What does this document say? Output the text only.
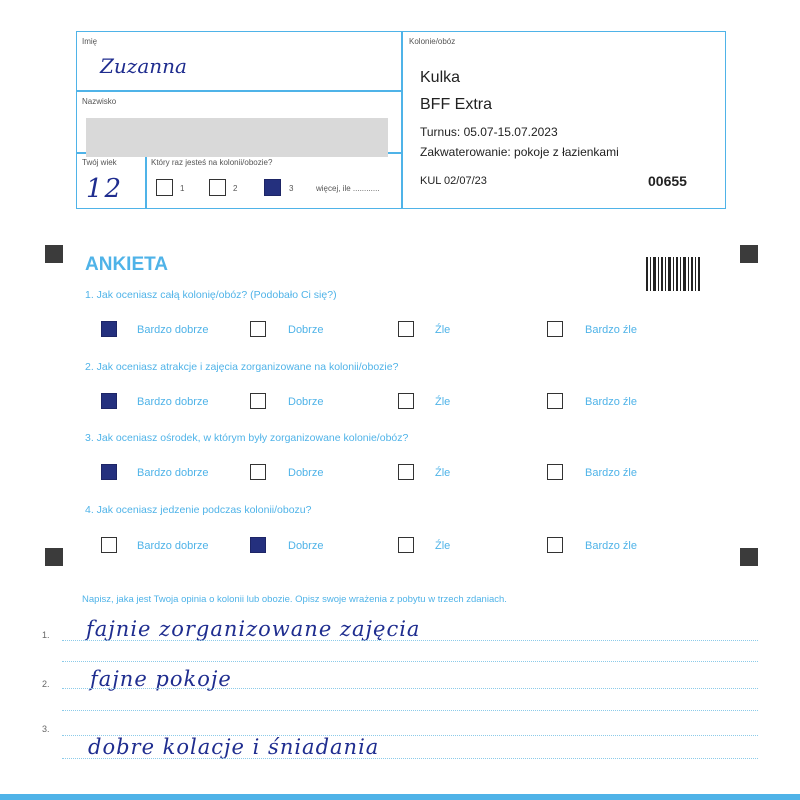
Imię
Zuzanna
Nazwisko
Twój wiek
12
Który raz jesteś na kolonii/obozie?
1	2	3	więcej, ile ............
Kolonie/obóz
Kulka
BFF Extra
Turnus: 05.07-15.07.2023
Zakwaterowanie: pokoje z łazienkami
KUL 02/07/23	00655
ANKIETA
1. Jak oceniasz całą kolonię/obóz? (Podobało Ci się?)
Bardzo dobrze	Dobrze	Źle	Bardzo źle
2. Jak oceniasz atrakcje i zajęcia zorganizowane na kolonii/obozie?
Bardzo dobrze	Dobrze	Źle	Bardzo źle
3. Jak oceniasz ośrodek, w którym były zorganizowane kolonie/obóz?
Bardzo dobrze	Dobrze	Źle	Bardzo źle
4. Jak oceniasz jedzenie podczas kolonii/obozu?
Bardzo dobrze	Dobrze	Źle	Bardzo źle
Napisz, jaka jest Twoja opinia o kolonii lub obozie. Opisz swoje wrażenia z pobytu w trzech zdaniach.
1. fajnie zorganizowane zajęcia
2. fajne pokoje
3.
dobre kolacje i śniadania
